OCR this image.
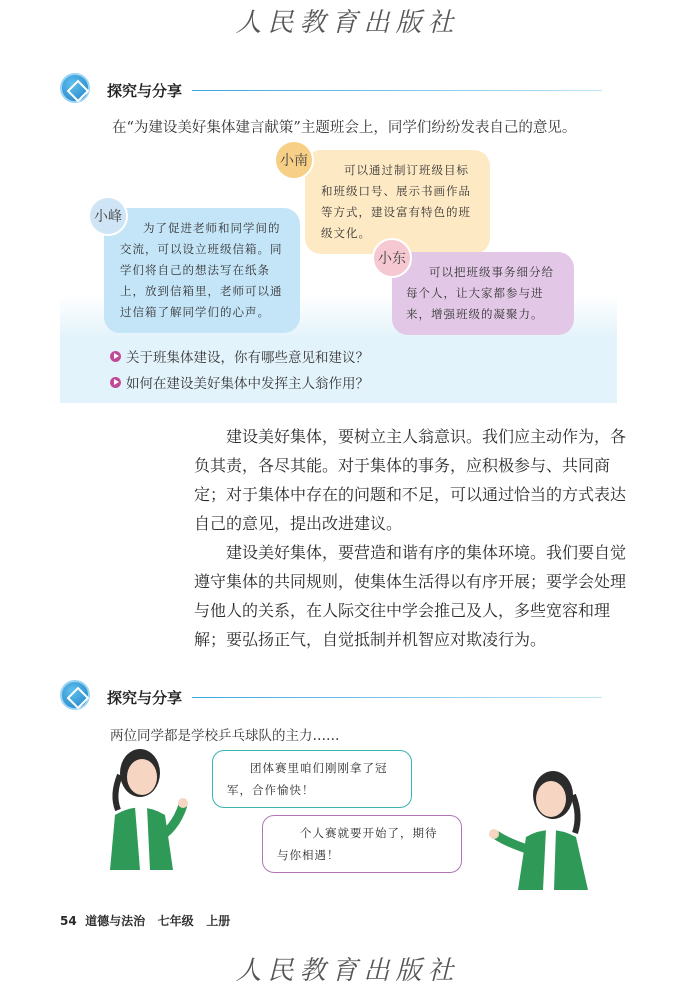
人民教育出版社
探究与分享
在“为建设美好集体建言献策”主题班会上，同学们纷纷发表自己的意见。
可以通过制订班级目标和班级口号、展示书画作品等方式，建设富有特色的班级文化。
小南
为了促进老师和同学间的交流，可以设立班级信箱。同学们将自己的想法写在纸条上，放到信箱里，老师可以通过信箱了解同学们的心声。
小峰
可以把班级事务细分给每个人，让大家都参与进来，增强班级的凝聚力。
小东
关于班集体建设，你有哪些意见和建议？
如何在建设美好集体中发挥主人翁作用？

建设美好集体，要树立主人翁意识。我们应主动作为，各负其责，各尽其能。对于集体的事务，应积极参与、共同商定；对于集体中存在的问题和不足，可以通过恰当的方式表达自己的意见，提出改进建议。

建设美好集体，要营造和谐有序的集体环境。我们要自觉遵守集体的共同规则，使集体生活得以有序开展；要学会处理与他人的关系，在人际交往中学会推己及人，多些宽容和理解；要弘扬正气，自觉抵制并机智应对欺凌行为。

探究与分享
两位同学都是学校乒乓球队的主力……
团体赛里咱们刚刚拿了冠军，合作愉快！
个人赛就要开始了，期待与你相遇！
54 道德与法治 七年级 上册
人民教育出版社
